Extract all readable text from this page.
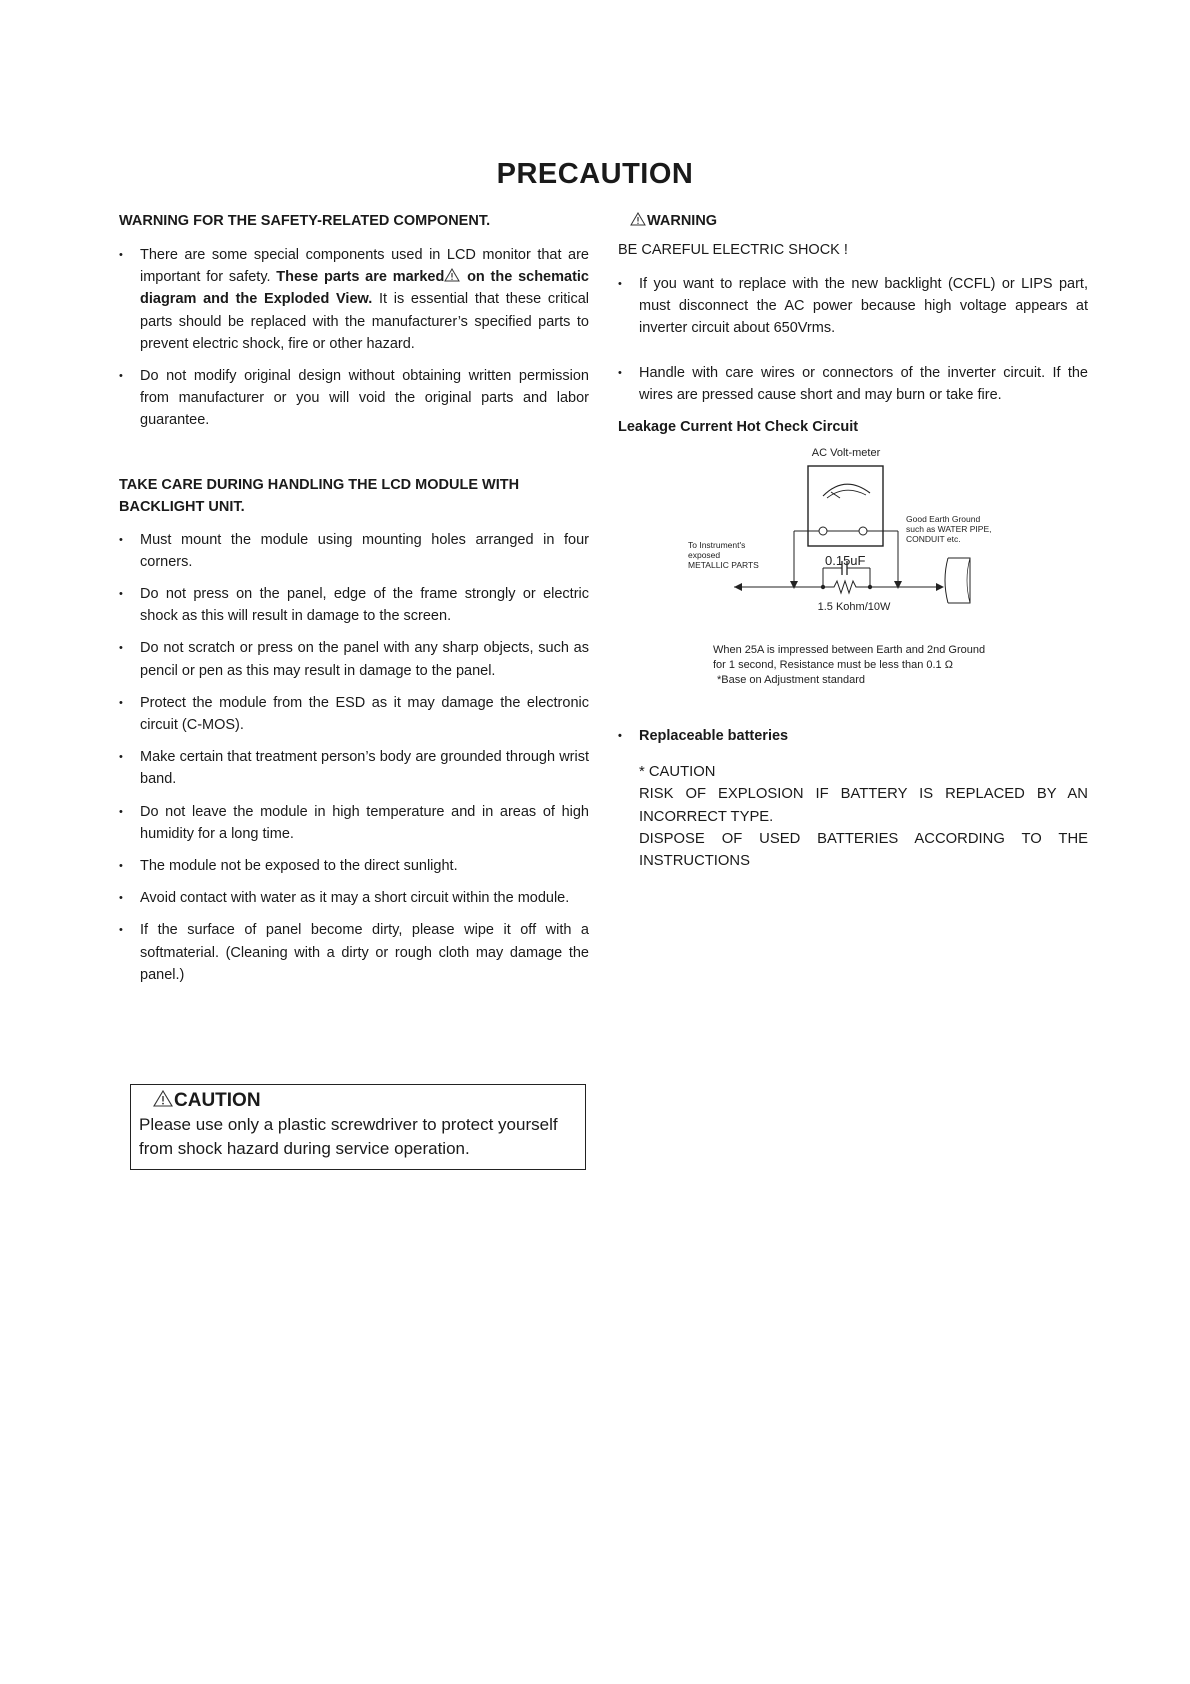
PRECAUTION

WARNING FOR THE SAFETY-RELATED COMPONENT.

• There are some special components used in LCD monitor that are important for safety. These parts are marked on the schematic diagram and the Exploded View. It is essential that these critical parts should be replaced with the manufacturer’s specified parts to prevent electric shock, fire or other hazard.
• Do not modify original design without obtaining written permission from manufacturer or you will void the original parts and labor guarantee.

TAKE CARE DURING HANDLING THE LCD MODULE WITH
BACKLIGHT UNIT.

• Must mount the module using mounting holes arranged in four corners.
• Do not press on the panel, edge of the frame strongly or electric shock as this will result in damage to the screen.
• Do not scratch or press on the panel with any sharp objects, such as pencil or pen as this may result in damage to the panel.
• Protect the module from the ESD as it may damage the electronic circuit (C-MOS).
• Make certain that treatment person’s body are grounded through wrist band.
• Do not leave the module in high temperature and in areas of high humidity for a long time.
• The module not be exposed to the direct sunlight.
• Avoid contact with water as it may a short circuit within the module.
• If the surface of panel become dirty, please wipe it off with a softmaterial. (Cleaning with a dirty or rough cloth may damage the panel.)
CAUTION
Please use only a plastic screwdriver to protect yourself
from shock hazard during service operation.

WARNING

BE CAREFUL ELECTRIC SHOCK !
• If you want to replace with the new backlight (CCFL) or LIPS part, must disconnect the AC power because high voltage appears at inverter circuit about 650Vrms.
• Handle with care wires or connectors of the inverter circuit. If the wires are pressed cause short and may burn or take fire.

Leakage Current Hot Check Circuit

AC Volt-meter
0.15uF
1.5 Kohm/10W
To Instrument's
exposed
METALLIC PARTS
Good Earth Ground
such as WATER PIPE,
CONDUIT etc.
When 25A is impressed between Earth and 2nd Ground
for 1 second, Resistance must be less than 0.1 Ω
*Base on Adjustment standard
• Replaceable batteries
* CAUTION
RISK OF EXPLOSION IF BATTERY IS REPLACED BY AN INCORRECT TYPE.
DISPOSE OF USED BATTERIES ACCORDING TO THE INSTRUCTIONS
